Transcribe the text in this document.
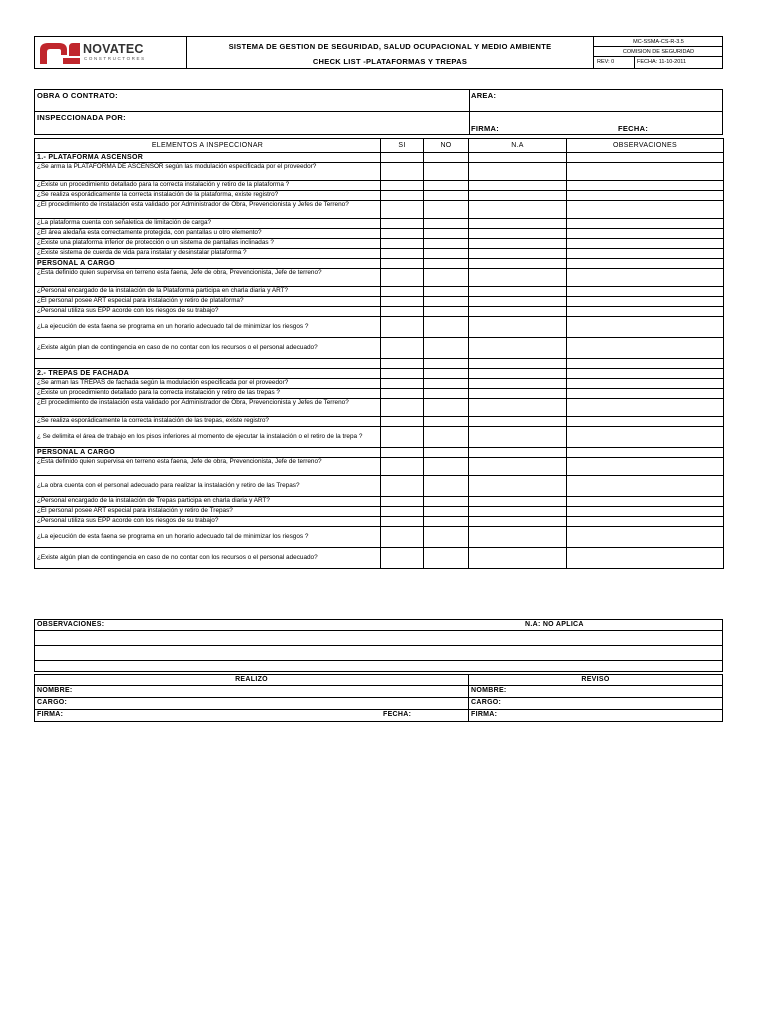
NOVATEC
CONSTRUCTORES
SISTEMA DE GESTION DE SEGURIDAD, SALUD OCUPACIONAL Y MEDIO AMBIENTE
CHECK LIST -PLATAFORMAS Y TREPAS
MC-SSMA-CS-R-3.5
COMISION DE SEGURIDAD
REV: 0	FECHA: 11-10-2011
OBRA O CONTRATO:	AREA:
INSPECCIONADA POR:
FIRMA:	FECHA:
ELEMENTOS A INSPECCIONAR	SI	NO	N.A	OBSERVACIONES
1.- PLATAFORMA ASCENSOR				
¿Se arma la PLATAFORMA DE ASCENSOR según las modulación especificada por el proveedor?				
¿Existe un procedimiento detallado para la correcta instalación y retiro de la plataforma ?				
¿Se realiza esporádicamente la correcta instalación de la plataforma, existe registro?				
¿El procedimiento de instalación esta validado por Administrador de Obra, Prevencionista y Jefes de Terreno?				
¿La plataforma cuenta con señaletica de limitación de carga?				
¿El área aledaña esta correctamente protegida, con pantallas u otro elemento?				
¿Existe una plataforma inferior de protección o un sistema de pantallas inclinadas ?				
¿Existe sistema de cuerda de vida para instalar y desinstalar plataforma ?				
PERSONAL A CARGO				
¿Esta definido quien supervisa en terreno esta faena, Jefe de obra, Prevencionista, Jefe de terreno?				
¿Personal encargado de la instalación de la Plataforma participa en charla diaria y ART?				
¿El personal posee ART especial para instalación y retiro de plataforma?				
¿Personal utiliza sus EPP acorde con los riesgos de su trabajo?				
¿La ejecución de esta faena se programa en un horario adecuado tal de minimizar los riesgos ?				
¿Existe algún plan de contingencia en caso de no contar con los recursos o el personal adecuado?				

2.- TREPAS DE FACHADA				
¿Se arman las TREPAS de fachada según la modulación especificada por el proveedor?				
¿Existe un procedimiento detallado para la correcta instalación y retiro de las trepas ?				
¿El procedimiento de instalación esta validado por Administrador de Obra, Prevencionista y Jefes de Terreno?				
¿Se realiza esporádicamente la correcta instalación de las trepas, existe registro?				
¿ Se delimita el área de trabajo en los pisos inferiores al momento de ejecutar la instalación o el retiro de la trepa ?				
PERSONAL A CARGO				
¿Esta definido quien supervisa en terreno esta faena, Jefe de obra, Prevencionista, Jefe de terreno?				
¿La obra cuenta con el personal adecuado para realizar la instalación y retiro de las Trepas?				
¿Personal encargado de la instalación de Trepas participa en charla diaria y ART?				
¿El personal posee ART especial para instalación y retiro de Trepas?				
¿Personal utiliza sus EPP acorde con los riesgos de su trabajo?				
¿La ejecución de esta faena se programa en un horario adecuado tal de minimizar los riesgos ?				
¿Existe algún plan de contingencia en caso de no contar con los recursos o el personal adecuado?				
OBSERVACIONES:	N.A: NO APLICA
REALIZÓ	REVISÓ
NOMBRE:
CARGO:
FIRMA:	FECHA:
NOMBRE:
CARGO:
FIRMA:
